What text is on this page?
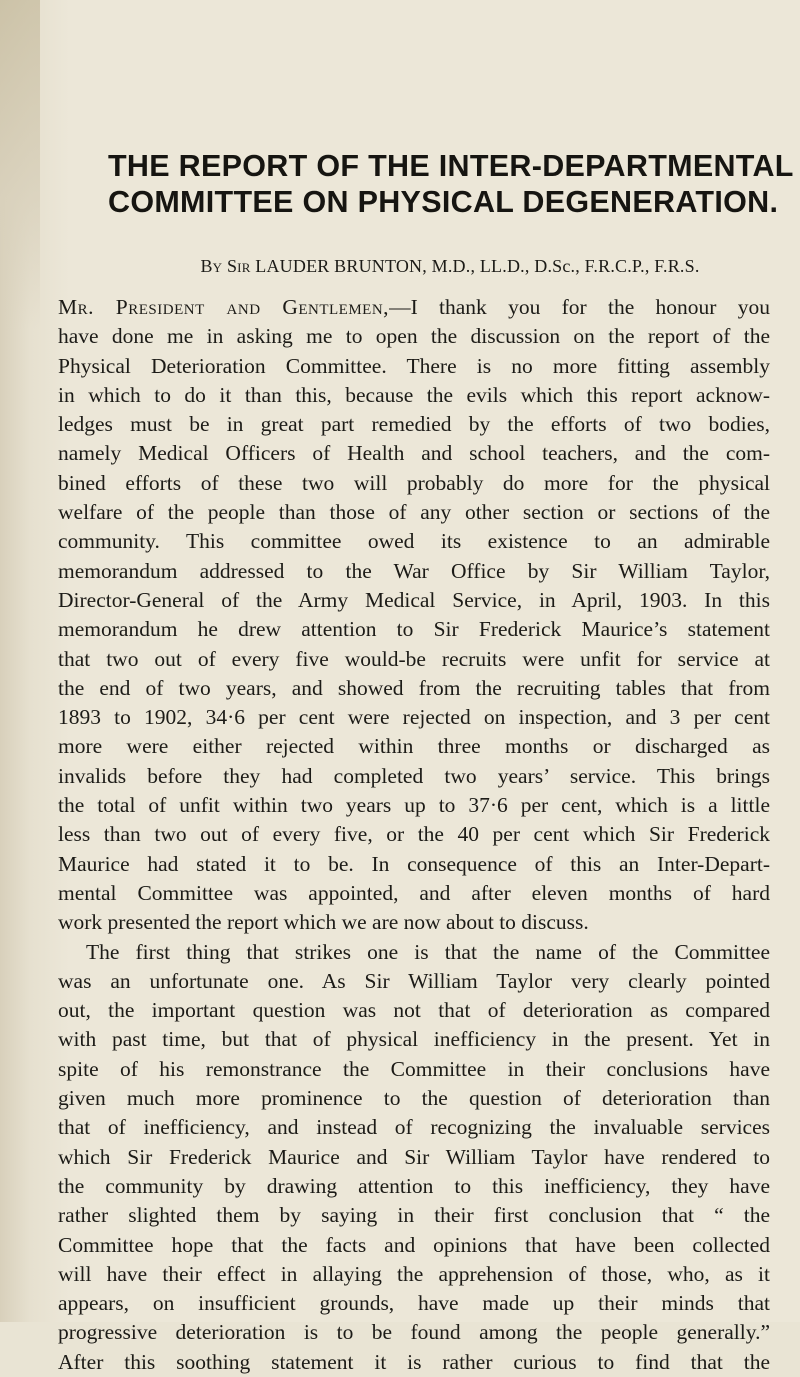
THE REPORT OF THE INTER-DEPARTMENTAL
COMMITTEE ON PHYSICAL DEGENERATION.
By Sir LAUDER BRUNTON, M.D., LL.D., D.Sc., F.R.C.P., F.R.S.
Mr. President and Gentlemen,—I thank you for the honour you
have done me in asking me to open the discussion on the report of the
Physical Deterioration Committee. There is no more fitting assembly
in which to do it than this, because the evils which this report acknow-
ledges must be in great part remedied by the efforts of two bodies,
namely Medical Officers of Health and school teachers, and the com-
bined efforts of these two will probably do more for the physical
welfare of the people than those of any other section or sections of the
community. This committee owed its existence to an admirable
memorandum addressed to the War Office by Sir William Taylor,
Director-General of the Army Medical Service, in April, 1903. In this
memorandum he drew attention to Sir Frederick Maurice’s statement
that two out of every five would-be recruits were unfit for service at
the end of two years, and showed from the recruiting tables that from
1893 to 1902, 34·6 per cent were rejected on inspection, and 3 per cent
more were either rejected within three months or discharged as
invalids before they had completed two years’ service. This brings
the total of unfit within two years up to 37·6 per cent, which is a little
less than two out of every five, or the 40 per cent which Sir Frederick
Maurice had stated it to be. In consequence of this an Inter-Depart-
mental Committee was appointed, and after eleven months of hard
work presented the report which we are now about to discuss.
The first thing that strikes one is that the name of the Committee
was an unfortunate one. As Sir William Taylor very clearly pointed
out, the important question was not that of deterioration as compared
with past time, but that of physical inefficiency in the present. Yet in
spite of his remonstrance the Committee in their conclusions have
given much more prominence to the question of deterioration than
that of inefficiency, and instead of recognizing the invaluable services
which Sir Frederick Maurice and Sir William Taylor have rendered to
the community by drawing attention to this inefficiency, they have
rather slighted them by saying in their first conclusion that “ the
Committee hope that the facts and opinions that have been collected
will have their effect in allaying the apprehension of those, who, as it
appears, on insufficient grounds, have made up their minds that
progressive deterioration is to be found among the people generally.”
After this soothing statement it is rather curious to find that the
